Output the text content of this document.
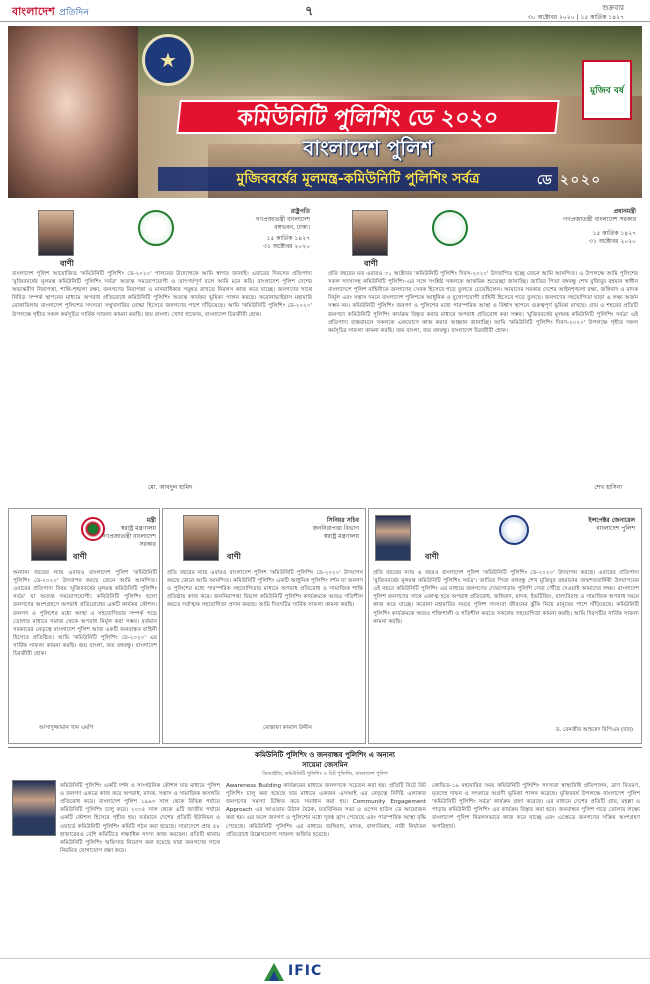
বাংলাদেশ প্রতিদিন	৭	শুক্রবার
৩০ অক্টোবর ২০২০ | ১৫ কার্তিক ১৪২৭
★
মুজিব বর্ষ
কমিউনিটি পুলিশিং ডে ২০২০
বাংলাদেশ পুলিশ
মুজিববর্ষের মূলমন্ত্র-কমিউনিটি পুলিশিং সর্বত্র	ডে ২০২০
রাষ্ট্রপতি
গণপ্রজাতন্ত্রী বাংলাদেশ
বঙ্গভবন, ঢাকা।
১৫ কার্তিক ১৪২৭
৩১ অক্টোবর ২০২০
বাণী
বাংলাদেশ পুলিশ আয়োজিত 'কমিউনিটি পুলিশিং ডে-২০২০' পালনের উদ্যোগকে আমি স্বাগত জানাই। এবারের দিবসের প্রতিপাদ্য 'মুজিববর্ষের মূলমন্ত্র কমিউনিটি পুলিশিং সর্বত্র' অত্যন্ত সময়োপযোগী ও তাৎপর্যপূর্ণ বলে আমি মনে করি। বাংলাদেশ পুলিশ দেশের অভ্যন্তরীণ নিরাপত্তা, শান্তি-শৃঙ্খলা রক্ষা, জনগণের নিরাপত্তা ও মানবাধিকার সমুন্নত রাখতে নিরলস কাজ করে যাচ্ছে। জনগণের সাথে নিবিড় সম্পর্ক স্থাপনের মাধ্যমে অপরাধ প্রতিরোধে কমিউনিটি পুলিশিং অত্যন্ত কার্যকর ভূমিকা পালন করছে। করোনাভাইরাস মহামারি মোকাবিলায় বাংলাদেশ পুলিশের সদস্যরা সম্মুখসারির যোদ্ধা হিসেবে জনগণের পাশে দাঁড়িয়েছে। আমি 'কমিউনিটি পুলিশিং ডে-২০২০' উপলক্ষে গৃহীত সকল কর্মসূচির সার্বিক সাফল্য কামনা করছি। জয় বাংলা। খোদা হাফেজ, বাংলাদেশ চিরজীবী হোক।
মো. আবদুল হামিদ
প্রধানমন্ত্রী
গণপ্রজাতন্ত্রী বাংলাদেশ সরকার
১৫ কার্তিক ১৪২৭
৩১ অক্টোবর ২০২০
বাণী
প্রতি বছরের মত এবারও ৩১ অক্টোবর 'কমিউনিটি পুলিশিং দিবস-২০২০' উদযাপিত হচ্ছে জেনে আমি আনন্দিত। এ উপলক্ষে আমি পুলিশের সকল সদস্যসহ কমিউনিটি পুলিশিং-এর সঙ্গে সংশ্লিষ্ট সকলকে আন্তরিক শুভেচ্ছা জানাচ্ছি। জাতির পিতা বঙ্গবন্ধু শেখ মুজিবুর রহমান স্বাধীন বাংলাদেশে পুলিশ বাহিনীকে জনগণের সেবক হিসেবে গড়ে তুলতে চেয়েছিলেন। আমাদের সরকার দেশের আইনশৃঙ্খলা রক্ষা, জঙ্গিবাদ ও মাদক নির্মূল এবং সন্ত্রাস দমনে বাংলাদেশ পুলিশকে আধুনিক ও যুগোপযোগী বাহিনী হিসেবে গড়ে তুলছে। জনগণের সহযোগিতা ছাড়া এ লক্ষ্য অর্জন সম্ভব নয়। কমিউনিটি পুলিশিং জনগণ ও পুলিশের মধ্যে পারস্পরিক আস্থা ও বিশ্বাস স্থাপনে গুরুত্বপূর্ণ ভূমিকা রাখছে। গ্রাম ও শহরের প্রতিটি জনপদে কমিউনিটি পুলিশিং কার্যক্রম বিস্তৃত করার মাধ্যমে অপরাধ প্রতিরোধ করা সম্ভব। 'মুজিববর্ষের মূলমন্ত্র কমিউনিটি পুলিশিং সর্বত্র' এই প্রতিপাদ্য বাস্তবায়নে সকলকে একযোগে কাজ করার আহ্বান জানাচ্ছি। আমি 'কমিউনিটি পুলিশিং দিবস-২০২০' উপলক্ষে গৃহীত সকল কর্মসূচির সাফল্য কামনা করছি। জয় বাংলা, জয় বঙ্গবন্ধু। বাংলাদেশ চিরজীবী হোক।
শেখ হাসিনা
মন্ত্রী
স্বরাষ্ট্র মন্ত্রণালয়
গণপ্রজাতন্ত্রী বাংলাদেশ সরকার
বাণী
অন্যান্য বছরের ন্যায় এবারও বাংলাদেশ পুলিশ 'কমিউনিটি পুলিশিং ডে-২০২০' উদযাপন করছে জেনে আমি আনন্দিত। এবারের প্রতিপাদ্য বিষয় 'মুজিববর্ষের মূলমন্ত্র কমিউনিটি পুলিশিং সর্বত্র' যা অত্যন্ত সময়োপযোগী। কমিউনিটি পুলিশিং হলো জনগণের অংশগ্রহণে অপরাধ প্রতিরোধের একটি কার্যকর কৌশল। জনগণ ও পুলিশের মধ্যে আস্থা ও সহযোগিতার সম্পর্ক গড়ে তোলার মাধ্যমে সমাজ থেকে অপরাধ নির্মূল করা সম্ভব। বর্তমান সরকারের নেতৃত্বে বাংলাদেশ পুলিশ আজ একটি জনবান্ধব বাহিনী হিসেবে প্রতিষ্ঠিত। আমি 'কমিউনিটি পুলিশিং ডে-২০২০' এর সার্বিক সাফল্য কামনা করছি। জয় বাংলা, জয় বঙ্গবন্ধু। বাংলাদেশ চিরজীবী হোক।
আসাদুজ্জামান খান এমপি
সিনিয়র সচিব
জননিরাপত্তা বিভাগ
স্বরাষ্ট্র মন্ত্রণালয়
বাণী
প্রতি বছরের ন্যায় এবারও বাংলাদেশ পুলিশ 'কমিউনিটি পুলিশিং ডে-২০২০' উদযাপন করছে জেনে আমি আনন্দিত। কমিউনিটি পুলিশিং একটি আধুনিক পুলিশিং দর্শন যা জনগণ ও পুলিশের মধ্যে পারস্পরিক সহযোগিতার মাধ্যমে অপরাধ প্রতিরোধ ও সামাজিক শান্তি প্রতিষ্ঠায় কাজ করে। জননিরাপত্তা বিভাগ কমিউনিটি পুলিশিং কার্যক্রমকে আরও গতিশীল করতে সর্বাত্মক সহযোগিতা প্রদান করছে। আমি দিবসটির সার্বিক সাফল্য কামনা করছি।
মোস্তাফা কামাল উদ্দীন
ইন্সপেক্টর জেনারেল
বাংলাদেশ পুলিশ
বাণী
প্রতি বছরের ন্যায় এ বছরও বাংলাদেশ পুলিশ 'কমিউনিটি পুলিশিং ডে-২০২০' উদযাপন করছে। এবারের প্রতিপাদ্য 'মুজিববর্ষের মূলমন্ত্র কমিউনিটি পুলিশিং সর্বত্র'। জাতির পিতা বঙ্গবন্ধু শেখ মুজিবুর রহমানের জন্মশতবার্ষিকী উদযাপনের এই বছরে কমিউনিটি পুলিশিং এর মাধ্যমে জনগণের দোরগোড়ায় পুলিশি সেবা পৌঁছে দেওয়াই আমাদের লক্ষ্য। বাংলাদেশ পুলিশ জনগণের সাথে একাত্ম হয়ে অপরাধ প্রতিরোধ, জঙ্গিবাদ, মাদক, ইভটিজিং, বাল্যবিবাহ ও সামাজিক অপরাধ দমনে কাজ করে যাচ্ছে। করোনা মহামারির সময়ে পুলিশ সদস্যরা জীবনের ঝুঁকি নিয়ে মানুষের পাশে দাঁড়িয়েছে। কমিউনিটি পুলিশিং কার্যক্রমকে আরও শক্তিশালী ও গতিশীল করতে সকলের সহযোগিতা কামনা করছি। আমি দিবসটির সার্বিক সাফল্য কামনা করছি।
ড. বেনজীর আহমেদ বিপিএম (বার)
কমিউনিটি পুলিশিং ও জনবান্ধব পুলিশিং এ অন্যন্য
সায়েমা জেসমিন
ডিআইজি, কমিউনিটি পুলিশিং ও বিট পুলিশিং, বাংলাদেশ পুলিশ
কমিউনিটি পুলিশিং একটি দর্শন ও সাংগঠনিক কৌশল যার মাধ্যমে পুলিশ ও জনগণ একত্রে কাজ করে অপরাধ, মাদক, সন্ত্রাস ও সামাজিক অসঙ্গতি প্রতিরোধ করে। বাংলাদেশ পুলিশ ১৯৯৩ সাল থেকে বিভিন্ন পর্যায়ে কমিউনিটি পুলিশিং চালু করে। ২০০৫ সাল থেকে এটি জাতীয় পর্যায়ে একটি কৌশল হিসেবে গৃহীত হয়। বর্তমানে দেশের প্রতিটি ইউনিয়ন ও ওয়ার্ডে কমিউনিটি পুলিশিং কমিটি গঠন করা হয়েছে। সারাদেশে প্রায় ৫৮ হাজারেরও বেশি কমিটিতে লক্ষাধিক সদস্য কাজ করছেন। প্রতিটি থানায় কমিউনিটি পুলিশিং অফিসার নিয়োগ করা হয়েছে যারা জনগণের সাথে নিয়মিত যোগাযোগ রক্ষা করে।
Awareness Building কার্যক্রমের মাধ্যমে জনগণকে সচেতন করা হয়। প্রতিটি বিটে বিট পুলিশিং চালু করা হয়েছে যার মাধ্যমে একজন এসআই এর নেতৃত্বে নির্দিষ্ট এলাকার জনগণের সমস্যা চিহ্নিত করে সমাধান করা হয়। Community Engagement Approach এর আওতায় উঠান বৈঠক, মতবিনিময় সভা ও ওপেন হাউস ডে আয়োজন করা হয়। এর ফলে জনগণ ও পুলিশের মধ্যে দূরত্ব হ্রাস পেয়েছে এবং পারস্পরিক আস্থা বৃদ্ধি পেয়েছে। কমিউনিটি পুলিশিং এর মাধ্যমে জঙ্গিবাদ, মাদক, বাল্যবিবাহ, নারী নির্যাতন প্রতিরোধে উল্লেখযোগ্য সাফল্য অর্জিত হয়েছে।
কোভিড-১৯ মহামারির সময় কমিউনিটি পুলিশিং সদস্যরা স্বাস্থ্যবিধি প্রতিপালন, ত্রাণ বিতরণ, মৃতদেহ দাফন ও সৎকারে অগ্রণী ভূমিকা পালন করেছে। মুজিববর্ষ উপলক্ষে বাংলাদেশ পুলিশ 'কমিউনিটি পুলিশিং সর্বত্র' কার্যক্রম গ্রহণ করেছে। এর মাধ্যমে দেশের প্রতিটি গ্রাম, মহল্লা ও পাড়ায় কমিউনিটি পুলিশিং এর কার্যক্রম বিস্তৃত করা হবে। জনবান্ধব পুলিশ গড়ে তোলার লক্ষ্যে বাংলাদেশ পুলিশ নিরলসভাবে কাজ করে যাচ্ছে এবং এক্ষেত্রে জনগণের সক্রিয় অংশগ্রহণ অপরিহার্য।
IFIC
